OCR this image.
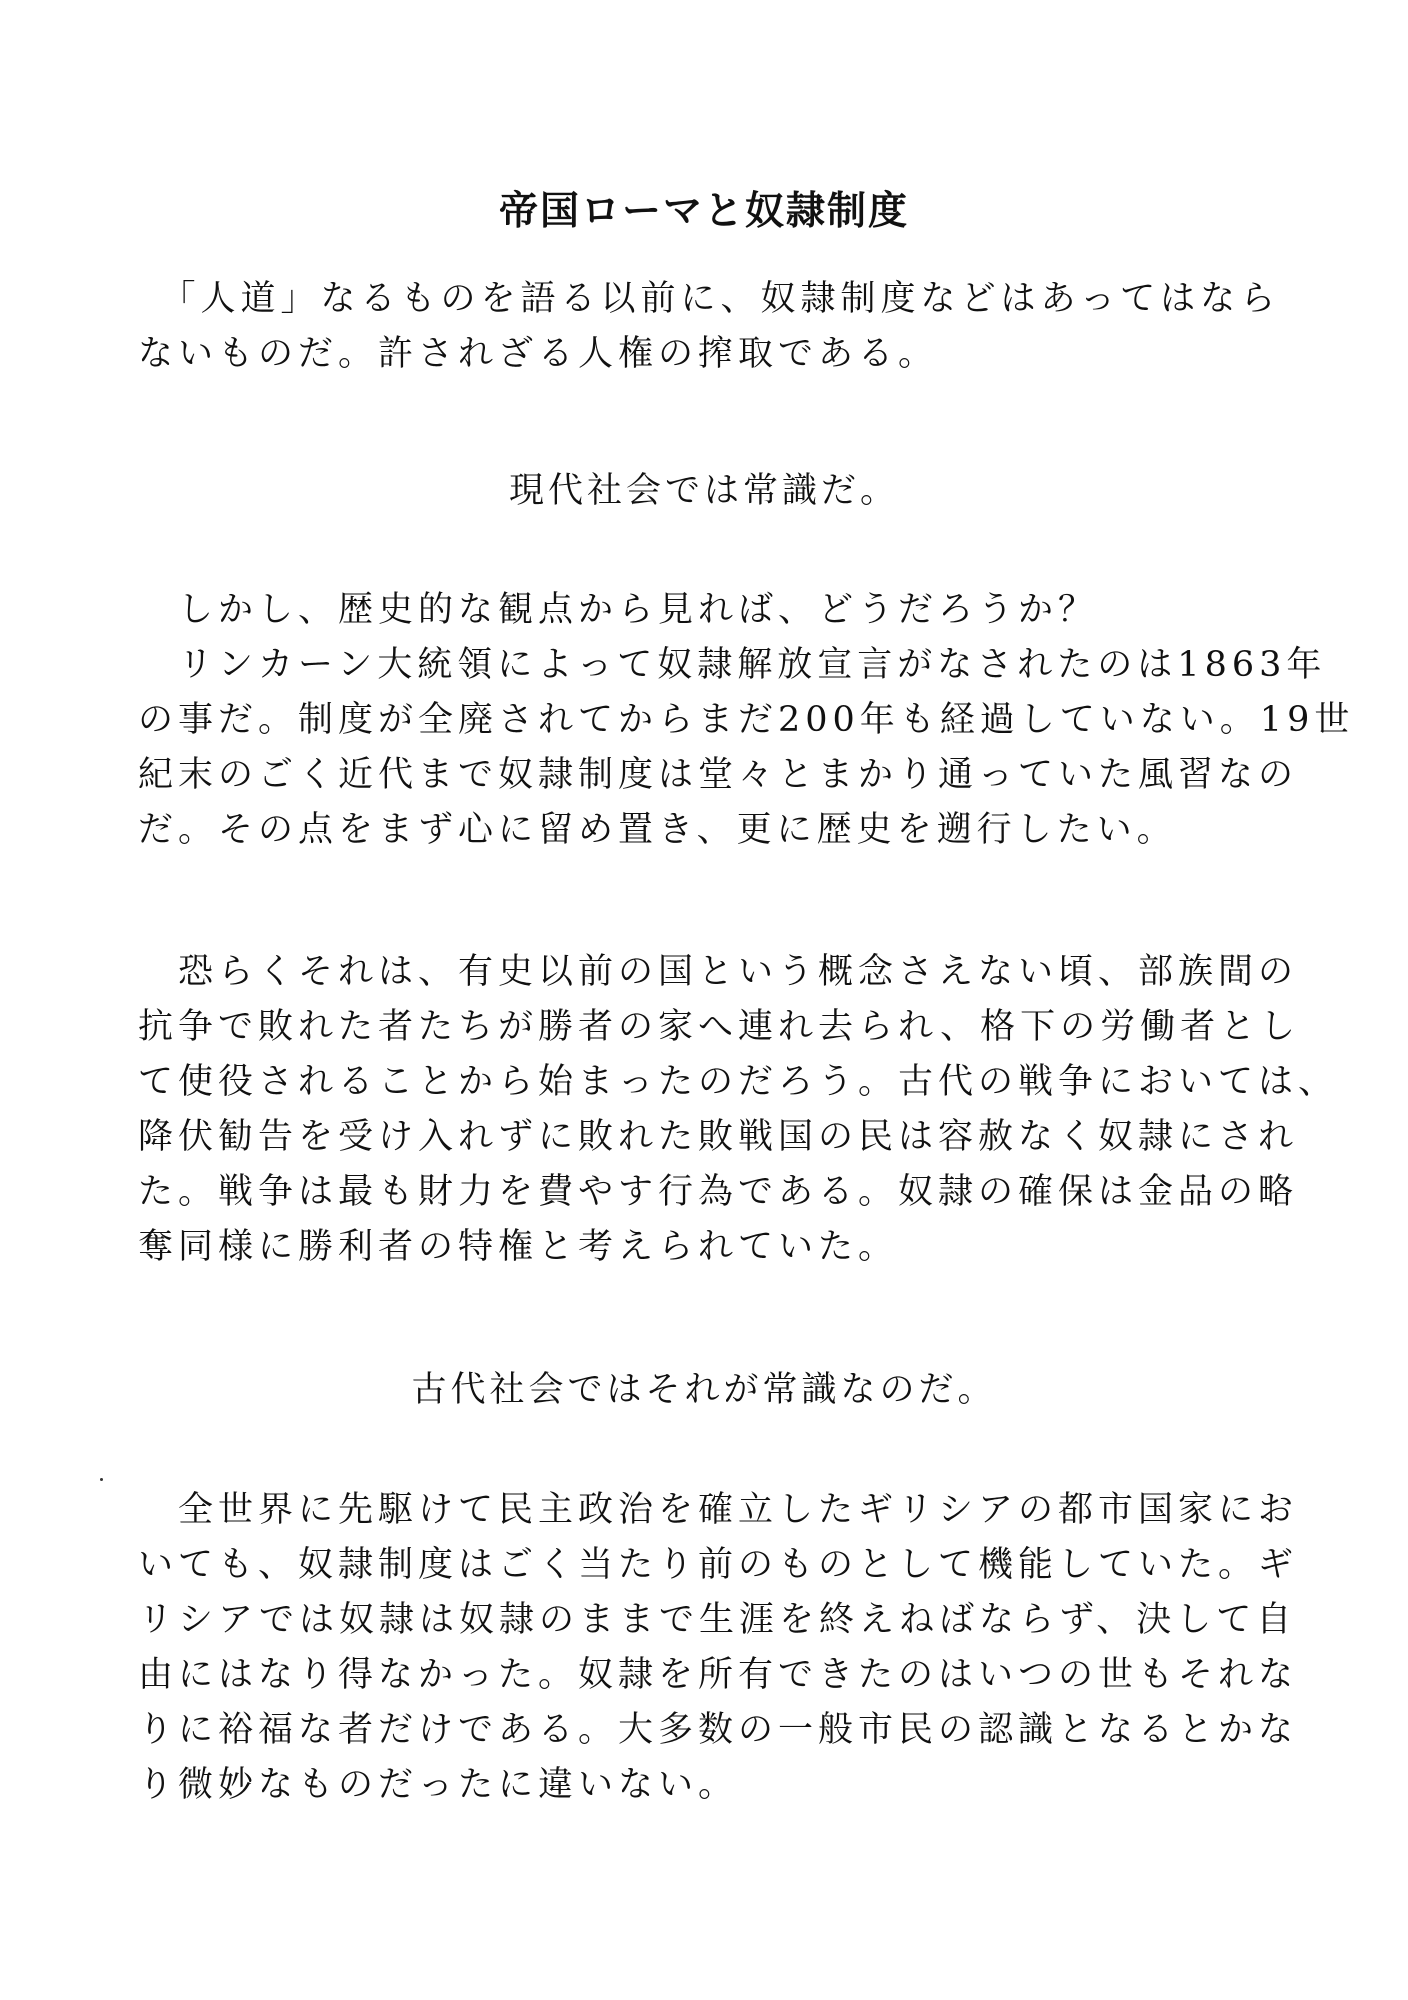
帝国ローマと奴隷制度
　「人道」なるものを語る以前に、奴隷制度などはあってはなら
ないものだ。許されざる人権の搾取である。
現代社会では常識だ。
　しかし、歴史的な観点から見れば、どうだろうか？
　リンカーン大統領によって奴隷解放宣言がなされたのは1863年
の事だ。制度が全廃されてからまだ200年も経過していない。19世
紀末のごく近代まで奴隷制度は堂々とまかり通っていた風習なの
だ。その点をまず心に留め置き、更に歴史を遡行したい。
　恐らくそれは、有史以前の国という概念さえない頃、部族間の
抗争で敗れた者たちが勝者の家へ連れ去られ、格下の労働者とし
て使役されることから始まったのだろう。古代の戦争においては、
降伏勧告を受け入れずに敗れた敗戦国の民は容赦なく奴隷にされ
た。戦争は最も財力を費やす行為である。奴隷の確保は金品の略
奪同様に勝利者の特権と考えられていた。
古代社会ではそれが常識なのだ。
　全世界に先駆けて民主政治を確立したギリシアの都市国家にお
いても、奴隷制度はごく当たり前のものとして機能していた。ギ
リシアでは奴隷は奴隷のままで生涯を終えねばならず、決して自
由にはなり得なかった。奴隷を所有できたのはいつの世もそれな
りに裕福な者だけである。大多数の一般市民の認識となるとかな
り微妙なものだったに違いない。
